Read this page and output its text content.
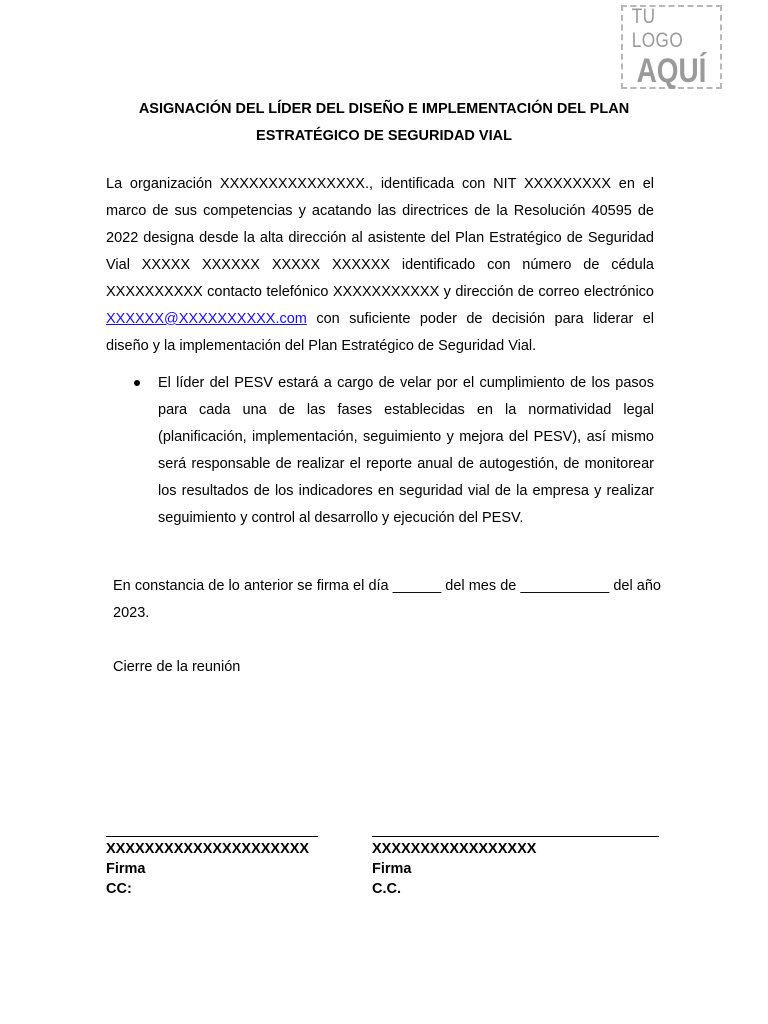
TU LOGO
AQUÍ
ASIGNACIÓN DEL LÍDER DEL DISEÑO E IMPLEMENTACIÓN DEL PLAN
ESTRATÉGICO DE SEGURIDAD VIAL
La organización XXXXXXXXXXXXXXX., identificada con NIT XXXXXXXXX en el marco de sus competencias y acatando las directrices de la Resolución 40595 de 2022 designa desde la alta dirección al asistente del Plan Estratégico de Seguridad Vial XXXXX XXXXXX XXXXX XXXXXX identificado con número de cédula XXXXXXXXXX contacto telefónico XXXXXXXXXXX y dirección de correo electrónico XXXXXX@XXXXXXXXXX.com con suficiente poder de decisión para liderar el diseño y la implementación del Plan Estratégico de Seguridad Vial.
El líder del PESV estará a cargo de velar por el cumplimiento de los pasos para cada una de las fases establecidas en la normatividad legal (planificación, implementación, seguimiento y mejora del PESV), así mismo será responsable de realizar el reporte anual de autogestión, de monitorear los resultados de los indicadores en seguridad vial de la empresa y realizar seguimiento y control al desarrollo y ejecución del PESV.
En constancia de lo anterior se firma el día ______ del mes de ___________ del año 2023.
Cierre de la reunión
XXXXXXXXXXXXXXXXXXXXX
Firma
CC:
XXXXXXXXXXXXXXXXX
Firma
C.C.
